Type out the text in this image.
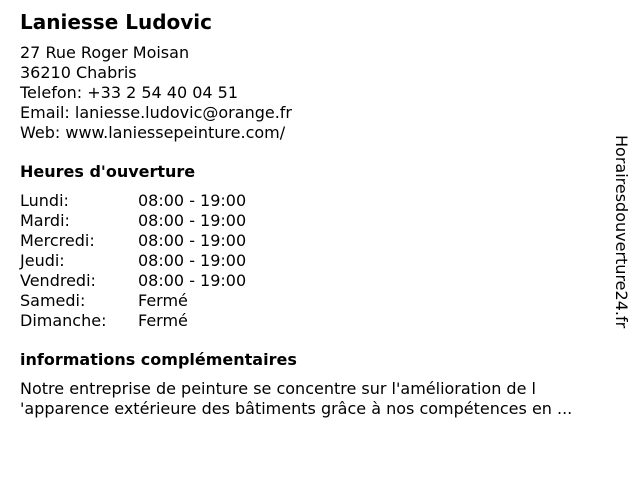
Laniesse Ludovic
27 Rue Roger Moisan
36210 Chabris
Telefon: +33 2 54 40 04 51
Email: laniesse.ludovic@orange.fr
Web: www.laniessepeinture.com/
Heures d'ouverture
Lundi:	08:00 - 19:00
Mardi:	08:00 - 19:00
Mercredi:	08:00 - 19:00
Jeudi:	08:00 - 19:00
Vendredi:	08:00 - 19:00
Samedi:	Fermé
Dimanche:	Fermé
informations complémentaires

Notre entreprise de peinture se concentre sur l'amélioration de l
'apparence extérieure des bâtiments grâce à nos compétences en ...

Horairesdouverture24.fr
